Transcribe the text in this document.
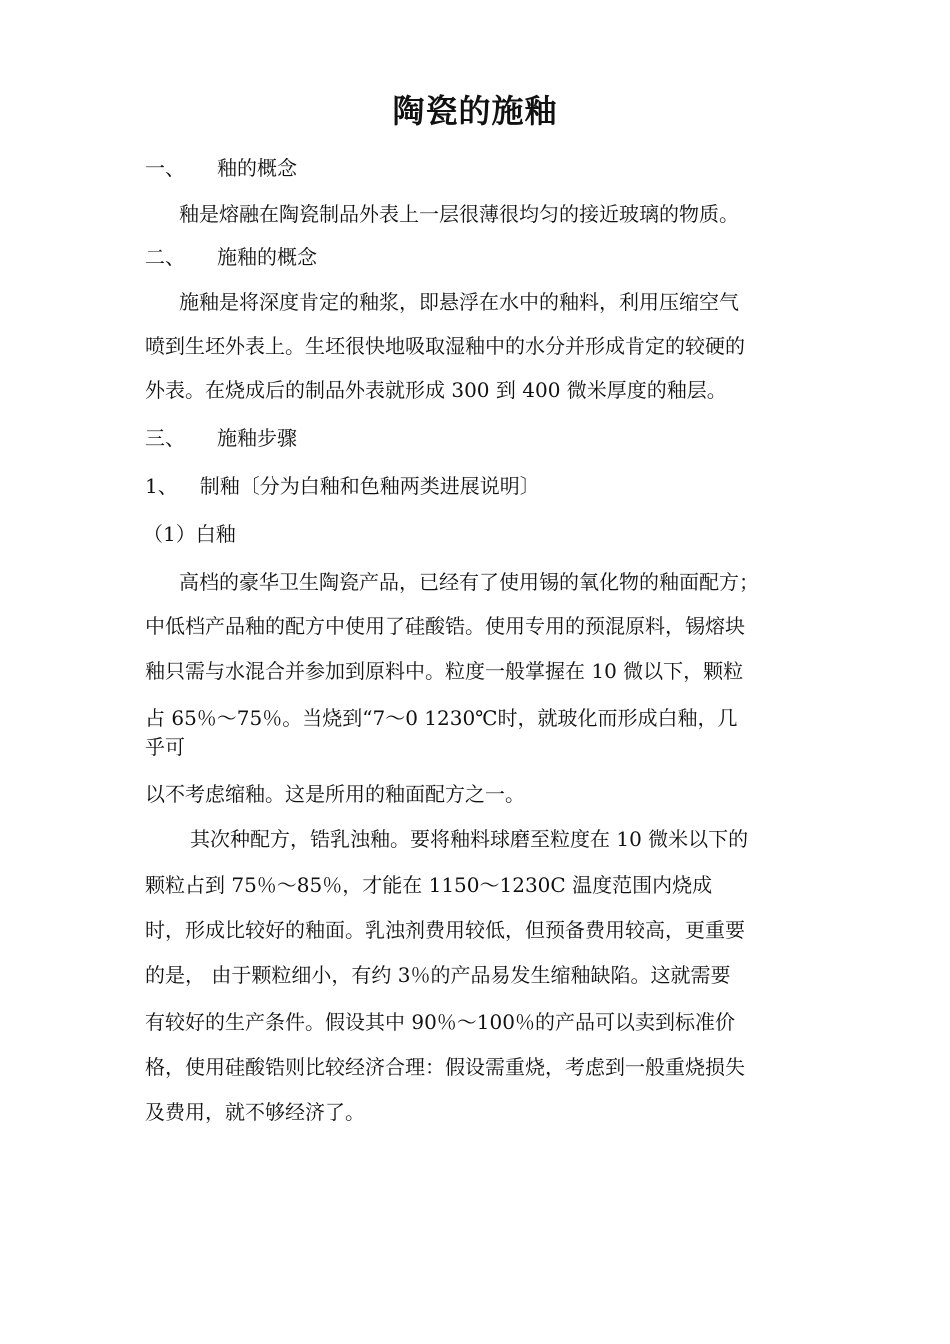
陶瓷的施釉

一、 釉的概念

釉是熔融在陶瓷制品外表上一层很薄很均匀的接近玻璃的物质。

二、 施釉的概念

施釉是将深度肯定的釉浆，即悬浮在水中的釉料，利用压缩空气

喷到生坯外表上。生坯很快地吸取湿釉中的水分并形成肯定的较硬的

外表。在烧成后的制品外表就形成 300 到 400 微米厚度的釉层。

三、 施釉步骤

1、 制釉〔分为白釉和色釉两类进展说明〕

（1）白釉

高档的豪华卫生陶瓷产品，已经有了使用锡的氧化物的釉面配方；

中低档产品釉的配方中使用了硅酸锆。使用专用的预混原料，锡熔块

釉只需与水混合并参加到原料中。粒度一般掌握在 10 微以下，颗粒

占 65％～75％。当烧到“7～0 1230℃时，就玻化而形成白釉，几

乎可

以不考虑缩釉。这是所用的釉面配方之一。

其次种配方，锆乳浊釉。要将釉料球磨至粒度在 10 微米以下的

颗粒占到 75％～85％，才能在 1150～1230C 温度范围内烧成

时，形成比较好的釉面。乳浊剂费用较低，但预备费用较高，更重要

的是， 由于颗粒细小，有约 3％的产品易发生缩釉缺陷。这就需要

有较好的生产条件。假设其中 90％～100％的产品可以卖到标准价

格，使用硅酸锆则比较经济合理：假设需重烧，考虑到一般重烧损失

及费用，就不够经济了。
